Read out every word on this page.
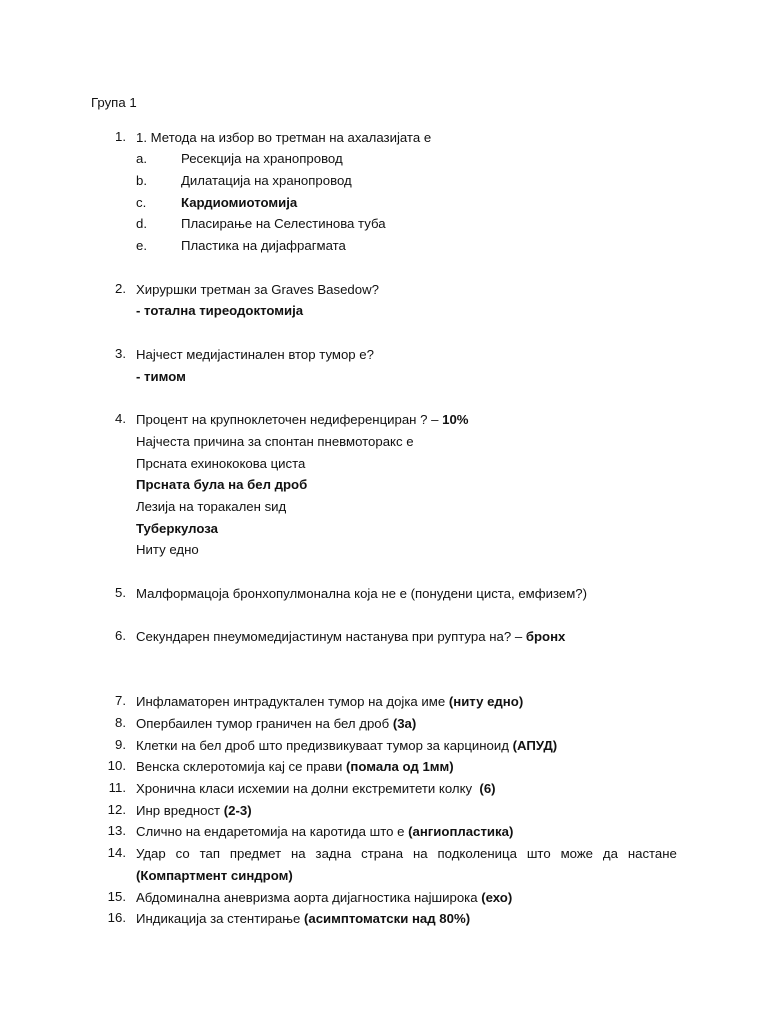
Група 1
1. 1. Метода на избор во третман на ахалазијата е
a.	Ресекција на хранопровод
b.	Дилатација на хранопровод
c.	Кардиомиотомија
d.	Пласирање на Селестинова туба
e.	Пластика на дијафрагмата
2. Хируршки третман за Graves Basedow?
- тотална тиреодоктомија
3. Најчест медијастинален втор тумор е?
- тимом
4. Процент на крупноклеточен недиференциран ? – 10%
Најчеста причина за спонтан пневмоторакс е
Прсната ехинококова циста
Прсната була на бел дроб
Лезија на торакален ѕид
Туберкулоза
Ниту едно
5. Малформацоја бронхопулмонална која не е (понудени циста, емфизем?)
6. Секундарен пнеумомедијастинум настанува при руптура на? – бронх
7. Инфламаторен интрадуктален тумор на дојка име (ниту едно)
8. Опербаилен тумор граничен на бел дроб (3а)
9. Клетки на бел дроб што предизвикуваат тумор за карциноид (АПУД)
10. Венска склеротомија кај се прави (помала од 1мм)
11. Хронична класи исхемии на долни екстремитети колку  (6)
12. Инр вредност (2-3)
13. Слично на ендаретомија на каротида што е (ангиопластика)
14. Удар со тап предмет на задна страна на подколеница што може да настане
(Компартмент синдром)
15. Абдоминална аневризма аорта дијагностика најширока (ехо)
16. Индикација за стентирање (асимптоматски над 80%)
